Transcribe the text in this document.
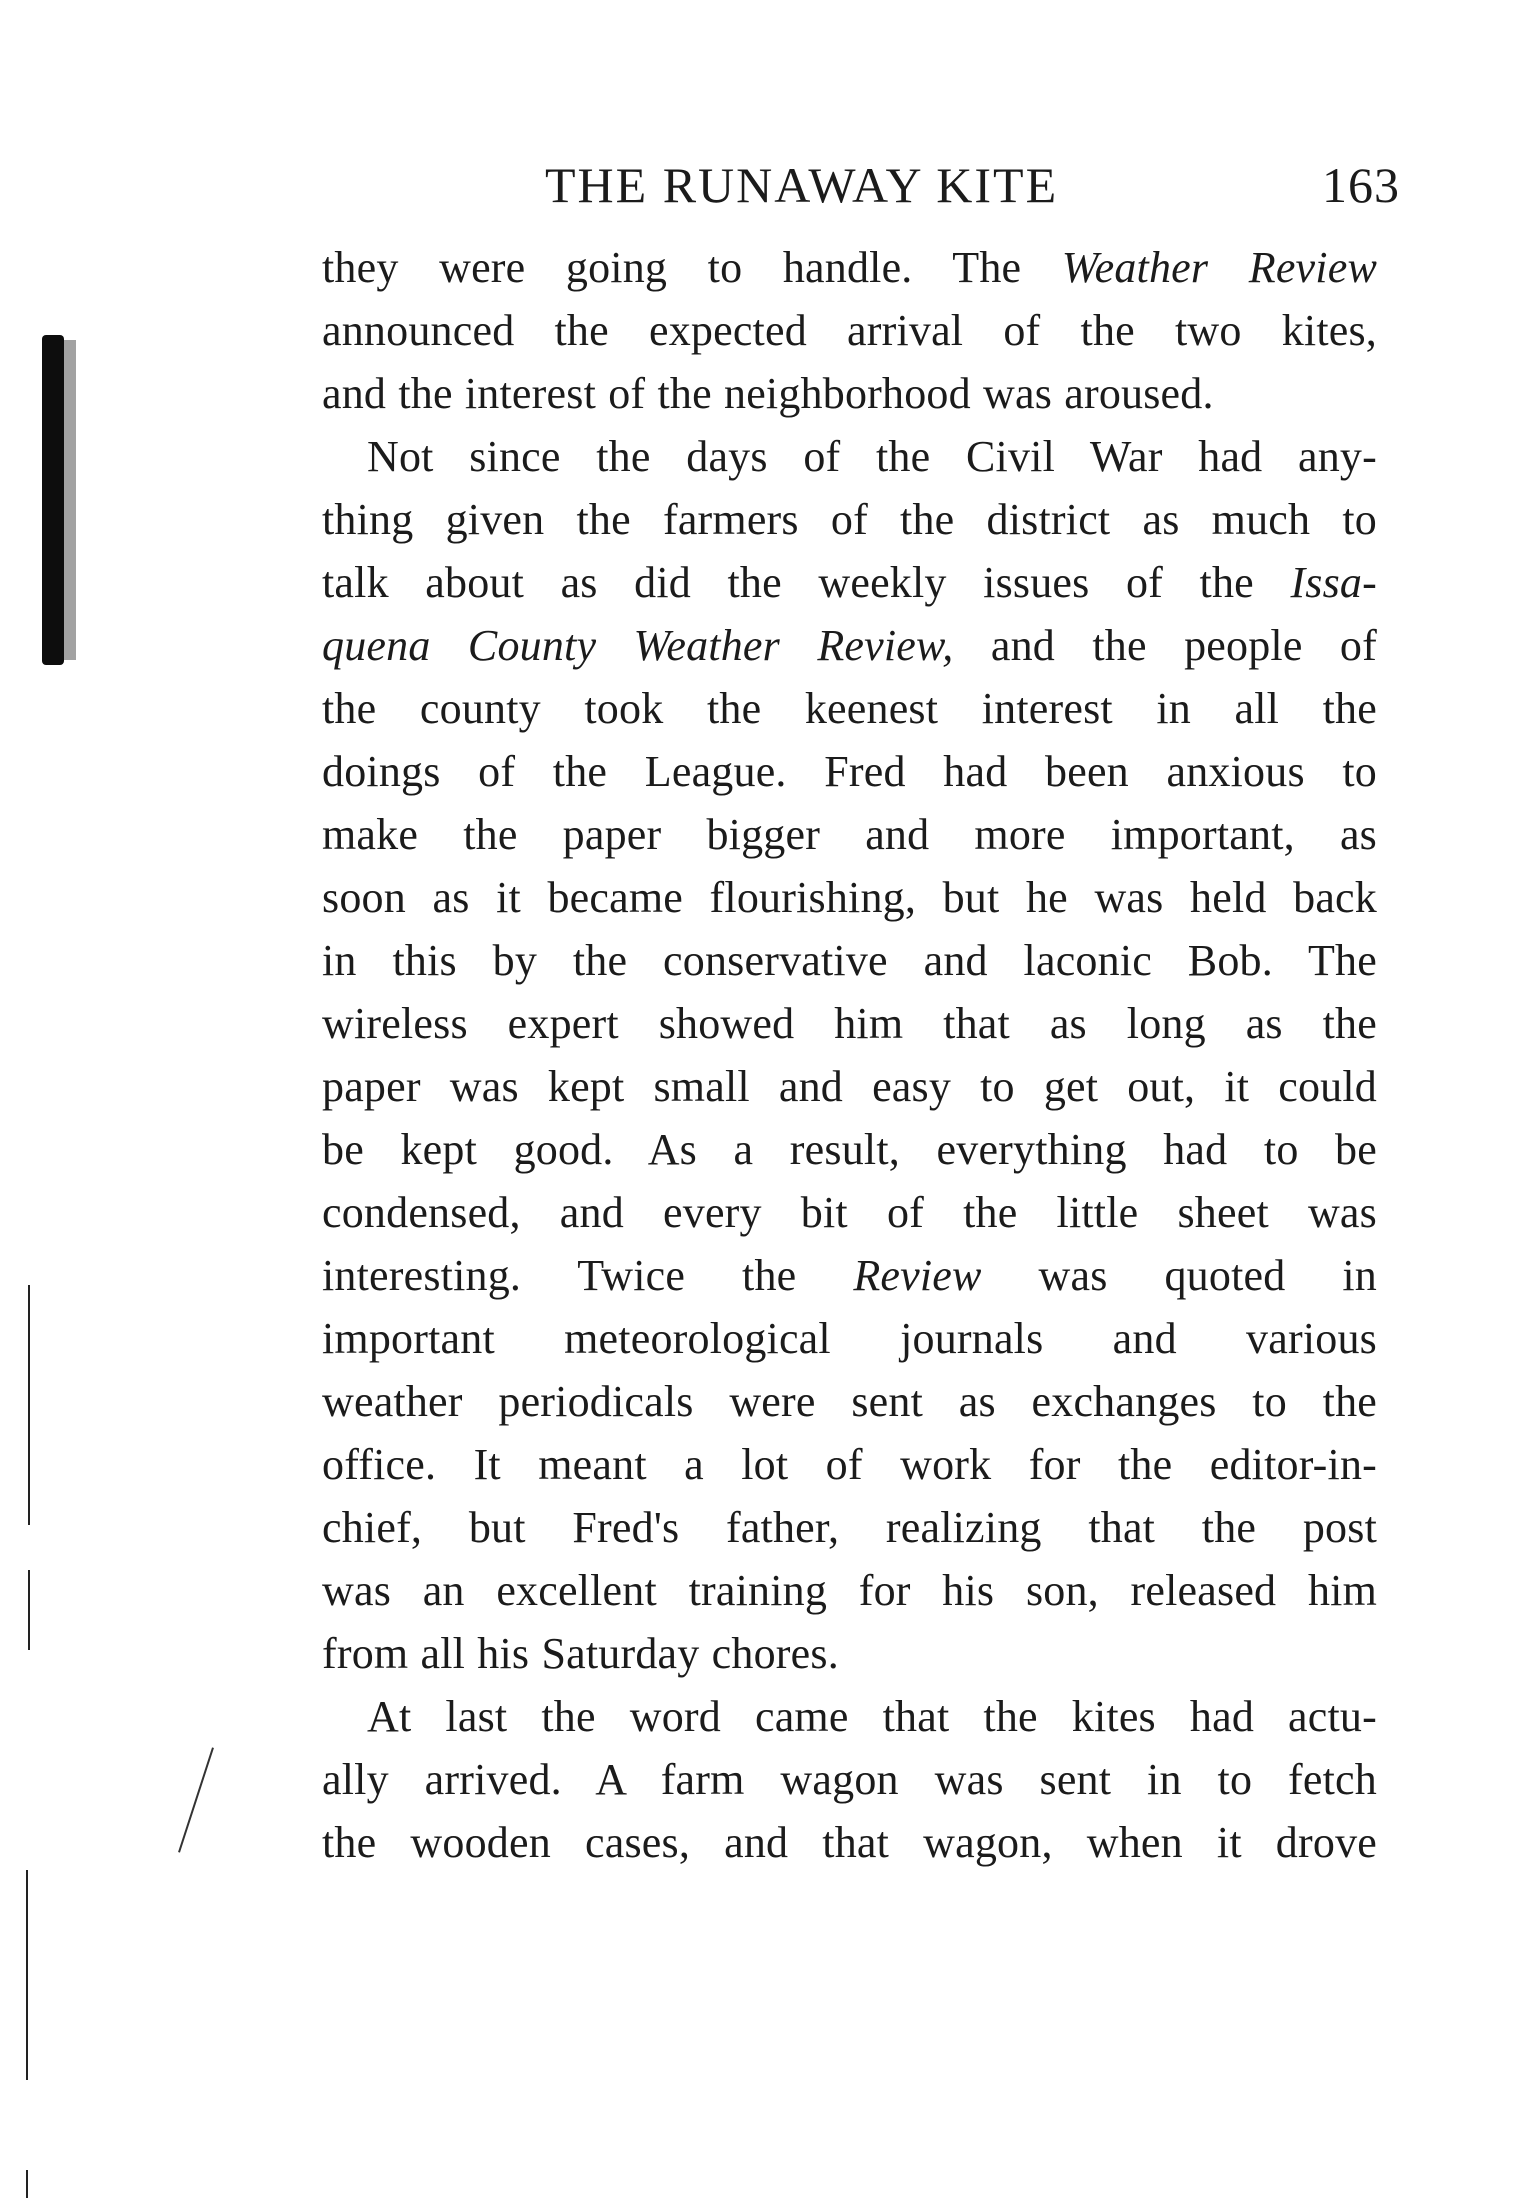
THE RUNAWAY KITE	163
they were going to handle. The Weather Review
announced the expected arrival of the two kites,
and the interest of the neighborhood was aroused.
Not since the days of the Civil War had any-
thing given the farmers of the district as much to
talk about as did the weekly issues of the Issa-
quena County Weather Review, and the people of
the county took the keenest interest in all the
doings of the League. Fred had been anxious to
make the paper bigger and more important, as
soon as it became flourishing, but he was held back
in this by the conservative and laconic Bob. The
wireless expert showed him that as long as the
paper was kept small and easy to get out, it could
be kept good. As a result, everything had to be
condensed, and every bit of the little sheet was
interesting. Twice the Review was quoted in
important meteorological journals and various
weather periodicals were sent as exchanges to the
office. It meant a lot of work for the editor-in-
chief, but Fred's father, realizing that the post
was an excellent training for his son, released him
from all his Saturday chores.
At last the word came that the kites had actu-
ally arrived. A farm wagon was sent in to fetch
the wooden cases, and that wagon, when it drove
